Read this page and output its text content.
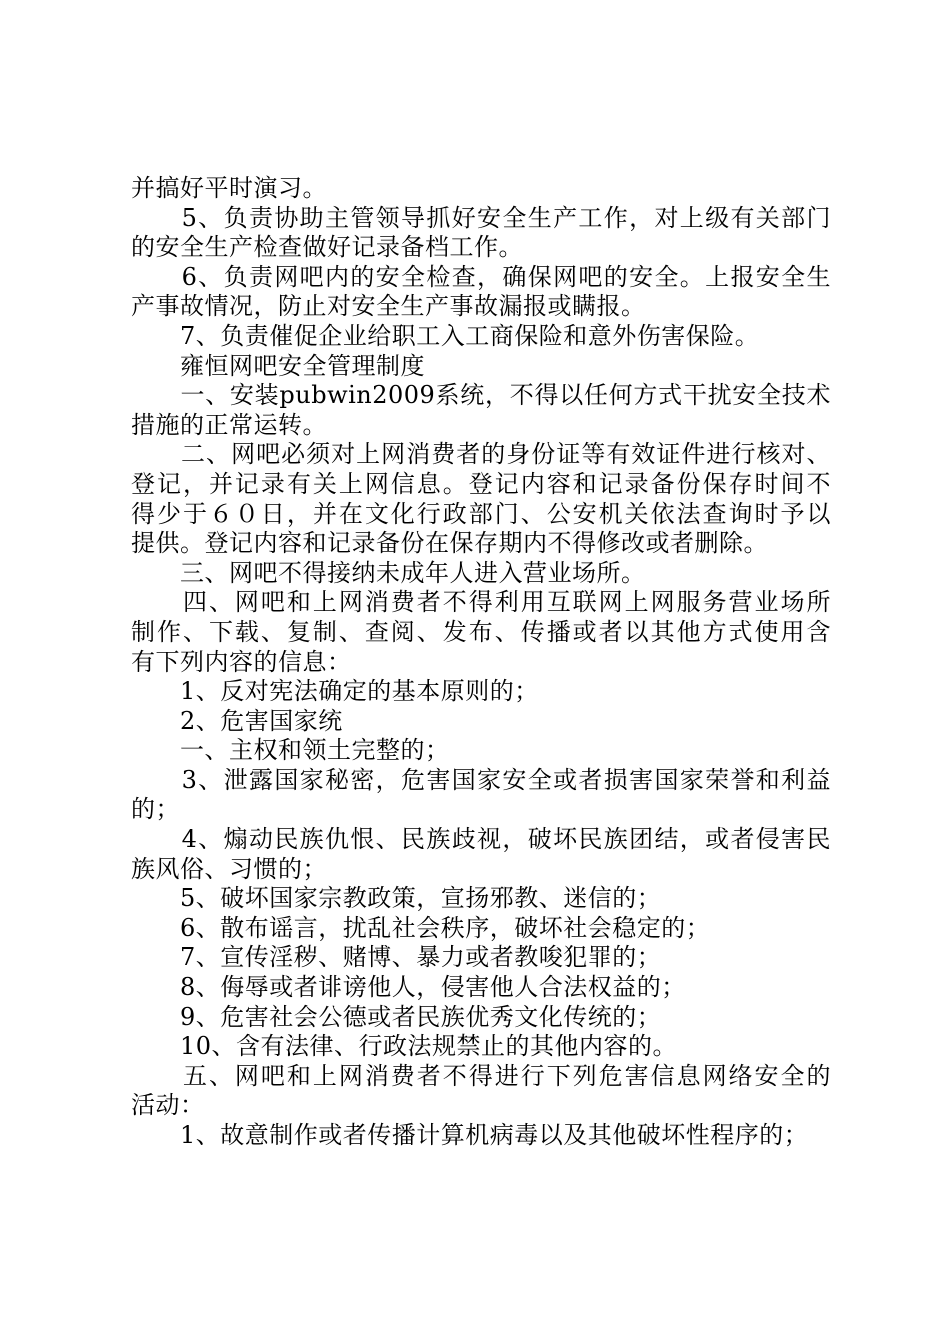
并搞好平时演习。
　　5、负责协助主管领导抓好安全生产工作，对上级有关部门
的安全生产检查做好记录备档工作。
　　6、负责网吧内的安全检查，确保网吧的安全。上报安全生
产事故情况，防止对安全生产事故漏报或瞒报。
　　7、负责催促企业给职工入工商保险和意外伤害保险。
　　雍恒网吧安全管理制度
　　一、安装pubwin2009系统，不得以任何方式干扰安全技术
措施的正常运转。
　　二、网吧必须对上网消费者的身份证等有效证件进行核对、
登记，并记录有关上网信息。登记内容和记录备份保存时间不
得少于６０日，并在文化行政部门、公安机关依法查询时予以
提供。登记内容和记录备份在保存期内不得修改或者删除。
　　三、网吧不得接纳未成年人进入营业场所。
　　四、网吧和上网消费者不得利用互联网上网服务营业场所
制作、下载、复制、查阅、发布、传播或者以其他方式使用含
有下列内容的信息：
　　1、反对宪法确定的基本原则的；
　　2、危害国家统
　　一、主权和领土完整的；
　　3、泄露国家秘密，危害国家安全或者损害国家荣誉和利益
的；
　　4、煽动民族仇恨、民族歧视，破坏民族团结，或者侵害民
族风俗、习惯的；
　　5、破坏国家宗教政策，宣扬邪教、迷信的；
　　6、散布谣言，扰乱社会秩序，破坏社会稳定的；
　　7、宣传淫秽、赌博、暴力或者教唆犯罪的；
　　8、侮辱或者诽谤他人，侵害他人合法权益的；
　　9、危害社会公德或者民族优秀文化传统的；
　　10、含有法律、行政法规禁止的其他内容的。
　　五、网吧和上网消费者不得进行下列危害信息网络安全的
活动：
　　1、故意制作或者传播计算机病毒以及其他破坏性程序的；
